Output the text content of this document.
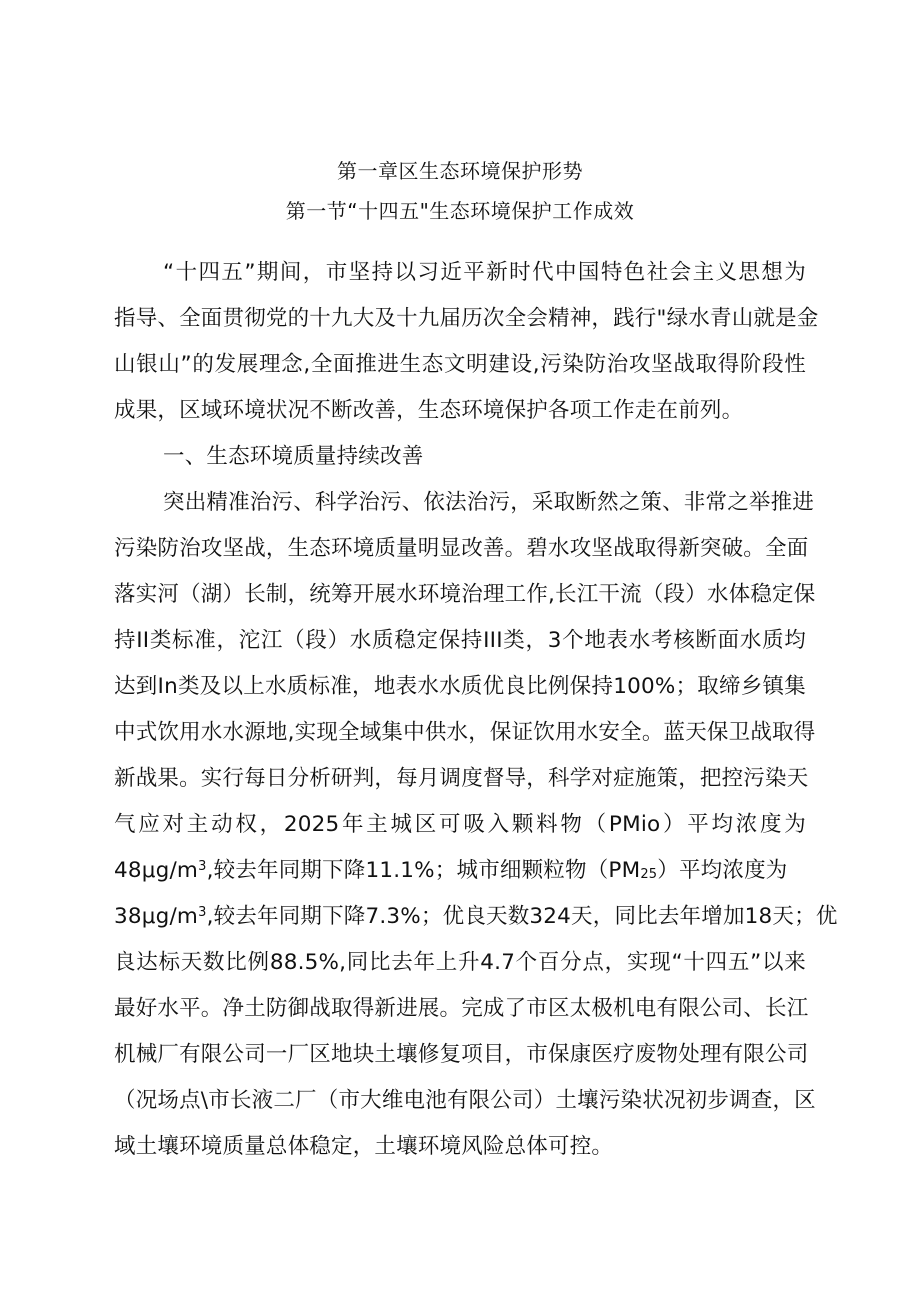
第一章区生态环境保护形势
第一节“十四五"生态环境保护工作成效
“十四五”期间，市坚持以习近平新时代中国特色社会主义思想为
指导、全面贯彻党的十九大及十九届历次全会精神，践行"绿水青山就是金
山银山”的发展理念,全面推进生态文明建设,污染防治攻坚战取得阶段性
成果，区域环境状况不断改善，生态环境保护各项工作走在前列。
一、生态环境质量持续改善
突出精准治污、科学治污、依法治污，采取断然之策、非常之举推进
污染防治攻坚战，生态环境质量明显改善。碧水攻坚战取得新突破。全面
落实河（湖）长制，统筹开展水环境治理工作,长江干流（段）水体稳定保
持II类标准，沱江（段）水质稳定保持III类，3个地表水考核断面水质均
达到In类及以上水质标准，地表水水质优良比例保持100%；取缔乡镇集
中式饮用水水源地,实现全域集中供水，保证饮用水安全。蓝天保卫战取得
新战果。实行每日分析研判，每月调度督导，科学对症施策，把控污染天
气应对主动权，2025年主城区可吸入颗料物（PMio）平均浓度为
$48\mu g∕m^3$,较去年同期下降11.1%；城市细颗粒物（PM25）平均浓度为
$38\mu g∕m^3$,较去年同期下降7.3%；优良天数324天，同比去年增加18天；优
良达标天数比例88.5%,同比去年上升4.7个百分点，实现“十四五”以来
最好水平。净土防御战取得新进展。完成了市区太极机电有限公司、长江
机械厂有限公司一厂区地块土壤修复项目，市保康医疗废物处理有限公司
（况场点\市长液二厂（市大维电池有限公司）土壤污染状况初步调查，区
域土壤环境质量总体稳定，土壤环境风险总体可控。
